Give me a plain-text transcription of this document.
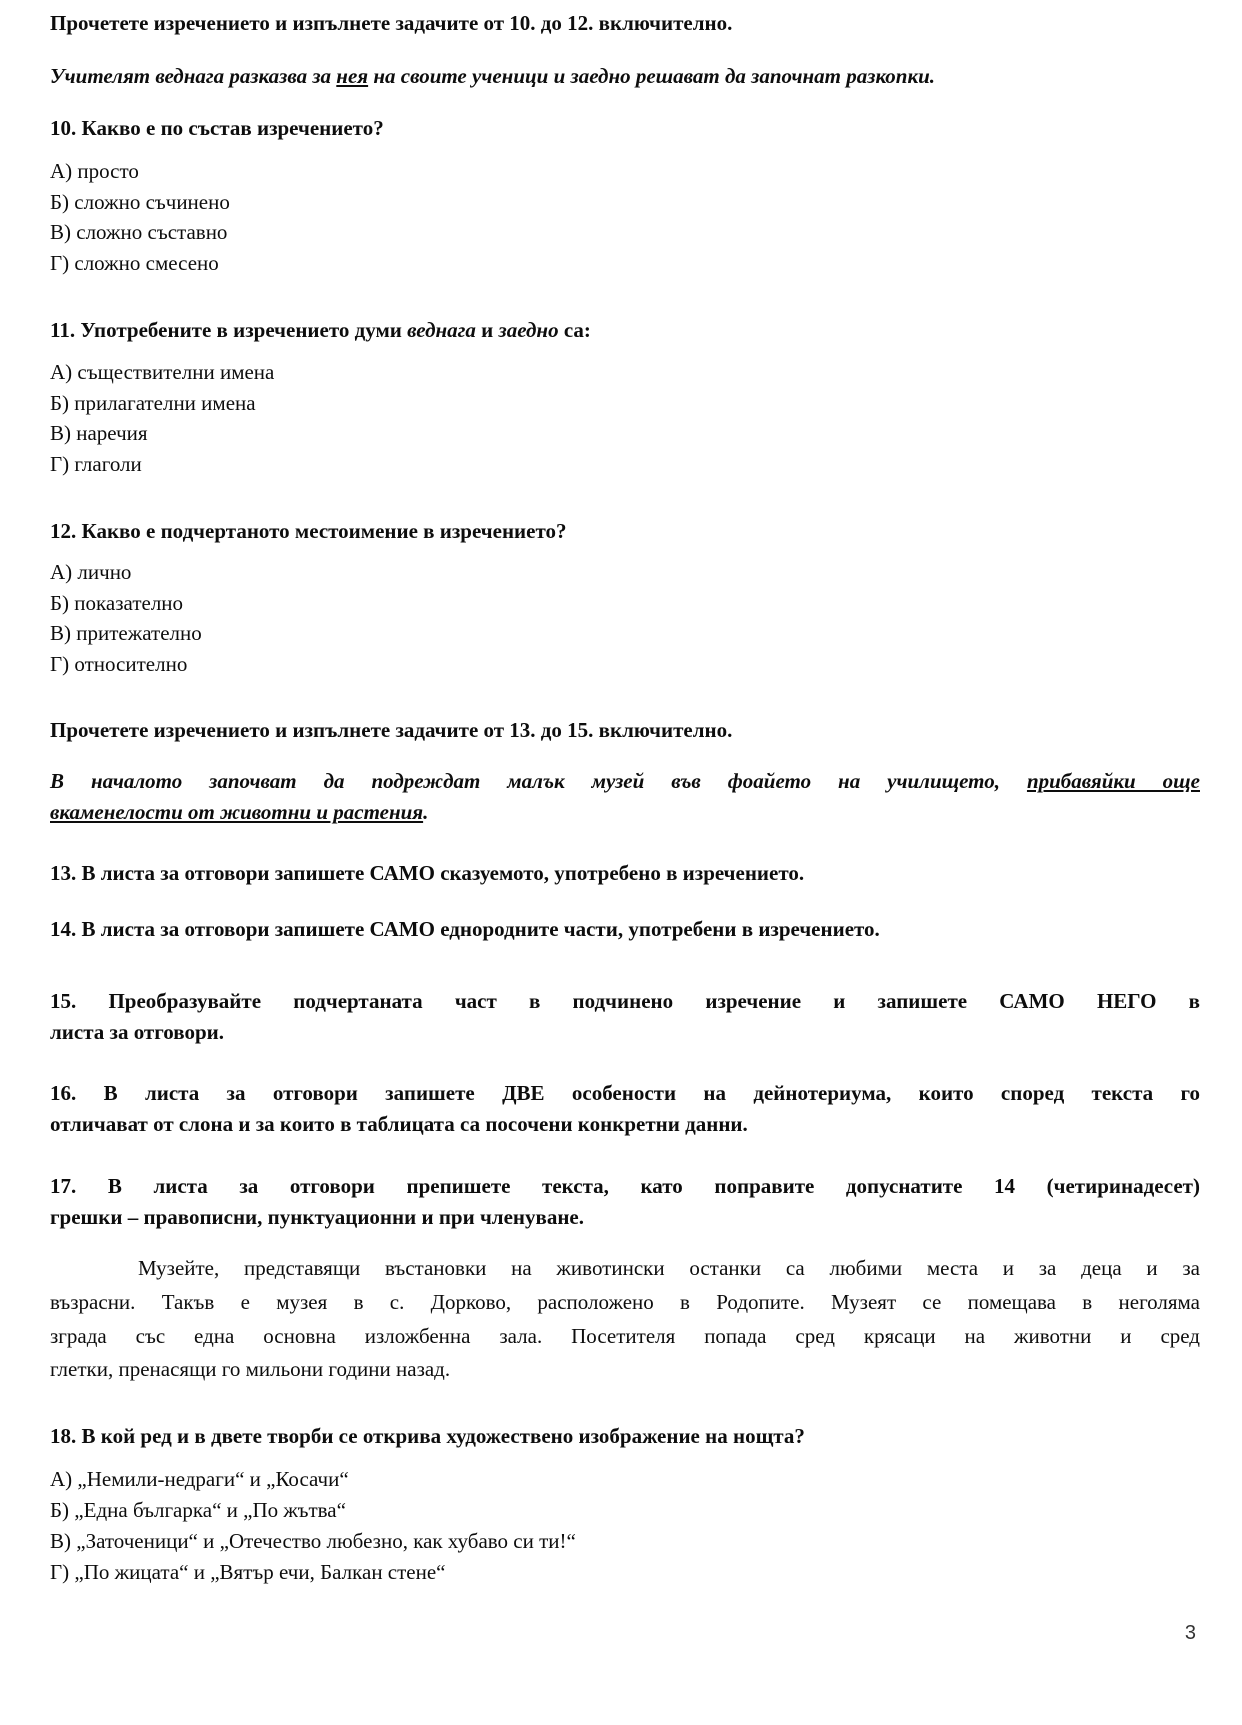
Прочетете изречението и изпълнете задачите от 10. до 12. включително.
Учителят веднага разказва за нея на своите ученици и заедно решават да започнат разкопки.
10. Какво е по състав изречението?
А) просто
Б) сложно съчинено
В) сложно съставно
Г) сложно смесено
11. Употребените в изречението думи веднага и заедно са:
А) съществителни имена
Б) прилагателни имена
В) наречия
Г) глаголи
12. Какво е подчертаното местоимение в изречението?
А) лично
Б) показателно
В) притежателно
Г) относително
Прочетете изречението и изпълнете задачите от 13. до 15. включително.
В началото започват да подреждат малък музей във фоайето на училището, прибавяйки още
вкаменелости от животни и растения.
13. В листа за отговори запишете САМО сказуемото, употребено в изречението.
14. В листа за отговори запишете САМО еднородните части, употребени в изречението.
15. Преобразувайте подчертаната част в подчинено изречение и запишете САМО НЕГО в
листа за отговори.
16. В листа за отговори запишете ДВЕ особености на дейнотериума, които според текста го
отличават от слона и за които в таблицата са посочени конкретни данни.
17. В листа за отговори препишете текста, като поправите допуснатите 14 (четиринадесет)
грешки – правописни, пунктуационни и при членуване.
Музейте, представящи въстановки на животински останки са любими места и за деца и за
възрасни. Такъв е музея в с. Дорково, расположено в Родопите. Музеят се помещава в неголяма
зграда със една основна изложбенна зала. Посетителя попада сред крясаци на животни и сред
глетки, пренасящи го мильони години назад.
18. В кой ред и в двете творби се открива художествено изображение на нощта?
А) „Немили-недраги“ и „Косачи“
Б) „Една българка“ и „По жътва“
В) „Заточеници“ и „Отечество любезно, как хубаво си ти!“
Г) „По жицата“ и „Вятър ечи, Балкан стене“
3
